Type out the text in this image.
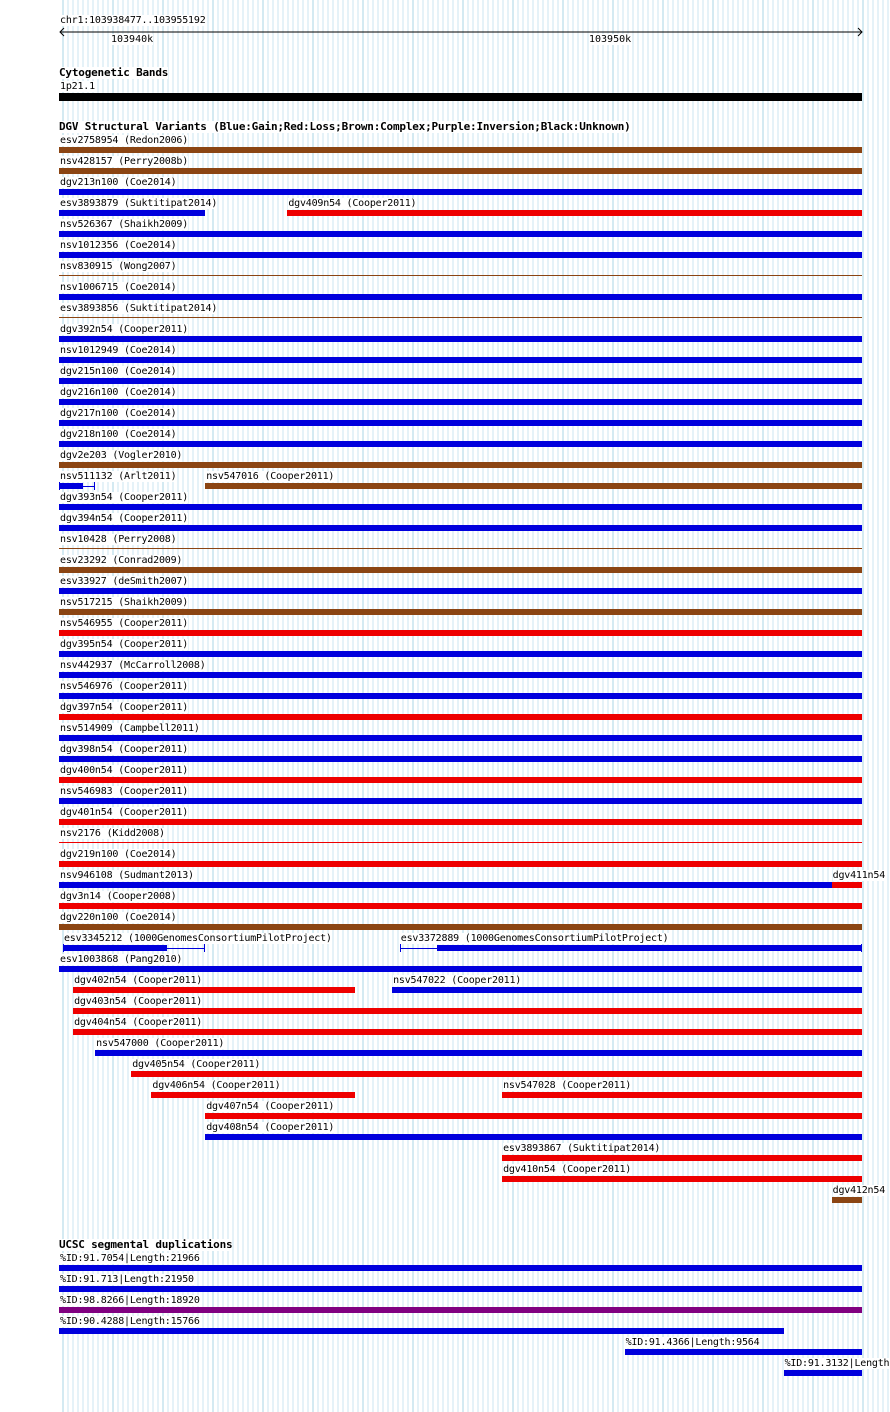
chr1:103938477..103955192
103940k	103950k
Cytogenetic Bands
1p21.1
DGV Structural Variants (Blue:Gain;Red:Loss;Brown:Complex;Purple:Inversion;Black:Unknown)
esv2758954 (Redon2006)
nsv428157 (Perry2008b)
dgv213n100 (Coe2014)
esv3893879 (Suktitipat2014)	dgv409n54 (Cooper2011)
nsv526367 (Shaikh2009)
nsv1012356 (Coe2014)
nsv830915 (Wong2007)
nsv1006715 (Coe2014)
esv3893856 (Suktitipat2014)
dgv392n54 (Cooper2011)
nsv1012949 (Coe2014)
dgv215n100 (Coe2014)
dgv216n100 (Coe2014)
dgv217n100 (Coe2014)
dgv218n100 (Coe2014)
dgv2e203 (Vogler2010)
nsv511132 (Arlt2011)	nsv547016 (Cooper2011)
dgv393n54 (Cooper2011)
dgv394n54 (Cooper2011)
nsv10428 (Perry2008)
esv23292 (Conrad2009)
esv33927 (deSmith2007)
nsv517215 (Shaikh2009)
nsv546955 (Cooper2011)
dgv395n54 (Cooper2011)
nsv442937 (McCarroll2008)
nsv546976 (Cooper2011)
dgv397n54 (Cooper2011)
nsv514909 (Campbell2011)
dgv398n54 (Cooper2011)
dgv400n54 (Cooper2011)
nsv546983 (Cooper2011)
dgv401n54 (Cooper2011)
nsv2176 (Kidd2008)
dgv219n100 (Coe2014)
nsv946108 (Sudmant2013)	dgv411n54
dgv3n14 (Cooper2008)
dgv220n100 (Coe2014)
esv3345212 (1000GenomesConsortiumPilotProject)	esv3372889 (1000GenomesConsortiumPilotProject)
esv1003868 (Pang2010)
dgv402n54 (Cooper2011)	nsv547022 (Cooper2011)
dgv403n54 (Cooper2011)
dgv404n54 (Cooper2011)
nsv547000 (Cooper2011)
dgv405n54 (Cooper2011)
dgv406n54 (Cooper2011)	nsv547028 (Cooper2011)
dgv407n54 (Cooper2011)
dgv408n54 (Cooper2011)
esv3893867 (Suktitipat2014)
dgv410n54 (Cooper2011)
dgv412n54
UCSC segmental duplications
%ID:91.7054|Length:21966
%ID:91.713|Length:21950
%ID:98.8266|Length:18920
%ID:90.4288|Length:15766
%ID:91.4366|Length:9564
%ID:91.3132|Length
